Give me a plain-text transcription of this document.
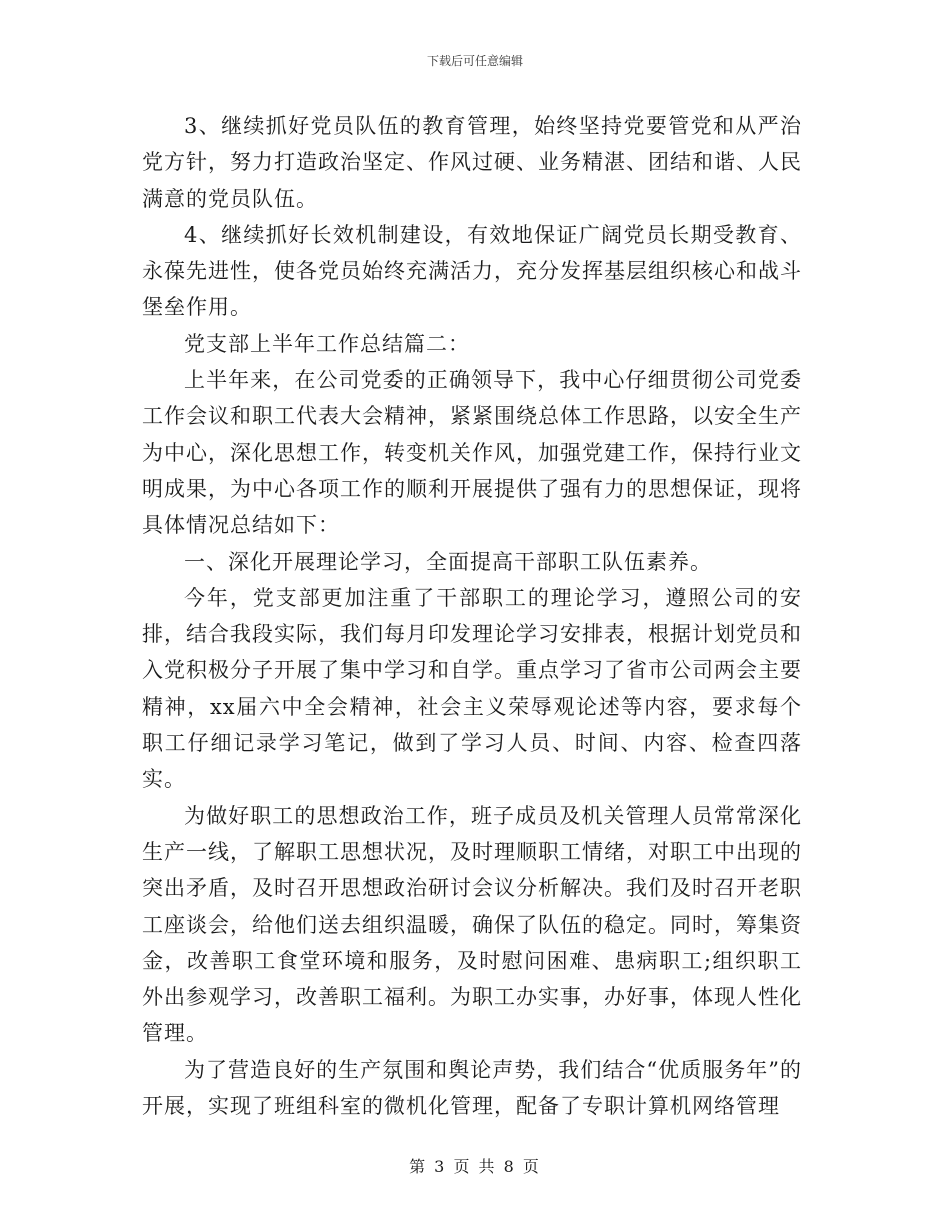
下载后可任意编辑

3、继续抓好党员队伍的教育管理，始终坚持党要管党和从严治党方针，努力打造政治坚定、作风过硬、业务精湛、团结和谐、人民满意的党员队伍。

4、继续抓好长效机制建设，有效地保证广阔党员长期受教育、永葆先进性，使各党员始终充满活力，充分发挥基层组织核心和战斗堡垒作用。

党支部上半年工作总结篇二：

上半年来，在公司党委的正确领导下，我中心仔细贯彻公司党委工作会议和职工代表大会精神，紧紧围绕总体工作思路，以安全生产为中心，深化思想工作，转变机关作风，加强党建工作，保持行业文明成果，为中心各项工作的顺利开展提供了强有力的思想保证，现将具体情况总结如下：

一、深化开展理论学习，全面提高干部职工队伍素养。

今年，党支部更加注重了干部职工的理论学习，遵照公司的安排，结合我段实际，我们每月印发理论学习安排表，根据计划党员和入党积极分子开展了集中学习和自学。重点学习了省市公司两会主要精神，xx届六中全会精神，社会主义荣辱观论述等内容，要求每个职工仔细记录学习笔记，做到了学习人员、时间、内容、检查四落实。

为做好职工的思想政治工作，班子成员及机关管理人员常常深化生产一线，了解职工思想状况，及时理顺职工情绪，对职工中出现的突出矛盾，及时召开思想政治研讨会议分析解决。我们及时召开老职工座谈会，给他们送去组织温暖，确保了队伍的稳定。同时，筹集资金，改善职工食堂环境和服务，及时慰问困难、患病职工;组织职工外出参观学习，改善职工福利。为职工办实事，办好事，体现人性化管理。

为了营造良好的生产氛围和舆论声势，我们结合“优质服务年”的开展，实现了班组科室的微机化管理，配备了专职计算机网络管理

第 3 页 共 8 页
